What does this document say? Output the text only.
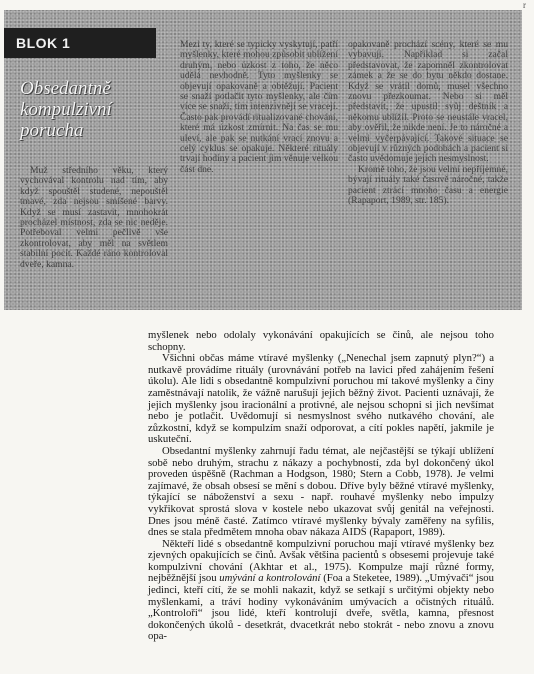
r
BLOK 1
Obsedantně kompulzivní porucha

Muž středního věku, který vychovával kontrolu nad tím, aby když spouštěl studené, nepouštěl tmavé, zda nejsou smíšené barvy. Když se musí zastavit, mnohokrát procházel místnost, zda se nic neděje. Potřeboval velmi pečlivě vše zkontrolovat, aby měl na světlem stabilní pocit. Každé ráno kontroloval dveře, kamna.

Mezi ty, které se typicky vyskytují, patří myšlenky, které mohou způsobit ublížení druhým, nebo úzkost z toho, že něco udělá nevhodně. Tyto myšlenky se objevují opakovaně a obtěžují. Pacient se snaží potlačit tyto myšlenky, ale čím více se snaží, tím intenzivněji se vracejí. Často pak provádí ritualizované chování, které má úzkost zmírnit. Na čas se mu uleví, ale pak se nutkání vrací znovu a celý cyklus se opakuje. Některé rituály trvají hodiny a pacient jim věnuje velkou část dne.

opakovaně prochází scény, které se mu vybavují. Například si začal představovat, že zapomněl zkontrolovat zámek a že se do bytu někdo dostane. Když se vrátil domů, musel všechno znovu přezkoumat. Nebo si měl představit, že upustil svůj deštník a někomu ublížil. Proto se neustále vracel, aby ověřil, že nikde není. Je to náročné a velmi vyčerpávající. Takové situace se objevují v různých podobách a pacient si často uvědomuje jejich nesmyslnost.

Kromě toho, že jsou velmi nepříjemné, bývají rituály také časově náročné, takže pacient ztrácí mnoho času a energie (Rapaport, 1989, str. 185).

myšlenek nebo odolaly vykonávání opakujících se činů, ale nejsou toho schopny.

Všichni občas máme vtíravé myšlenky („Nenechal jsem zapnutý plyn?“) a nutkavě provádíme rituály (urovnávání potřeb na lavici před zahájením řešení úkolu). Ale lidi s obsedantně kompulzivní poruchou mí takové myšlenky a činy zaměstnávají natolik, že vážně narušují jejich běžný život. Pacienti uznávají, že jejich myšlenky jsou iracionální a protivné, ale nejsou schopni si jich nevšímat nebo je potlačit. Uvědomují si nesmyslnost svého nutkavého chování, ale zůzkostní, když se kompulzím snaží odporovat, a cítí pokles napětí, jakmile je uskuteční.

Obsedantní myšlenky zahrnují řadu témat, ale nejčastější se týkají ublížení sobě nebo druhým, strachu z nákazy a pochybností, zda byl dokončený úkol proveden úspěšně (Rachman a Hodgson, 1980; Stern a Cobb, 1978). Je velmi zajímavé, že obsah obsesí se mění s dobou. Dříve byly běžné vtíravé myšlenky, týkající se náboženství a sexu - např. rouhavé myšlenky nebo impulzy vykřikovat sprostá slova v kostele nebo ukazovat svůj genitál na veřejnosti. Dnes jsou méně časté. Zatímco vtíravé myšlenky bývaly zaměřeny na syfilis, dnes se stala předmětem mnoha obav nákaza AIDS (Rapaport, 1989).

Někteří lidé s obsedantně kompulzivní poruchou mají vtíravé myšlenky bez zjevných opakujících se činů. Avšak většina pacientů s obsesemi projevuje také kompulzivní chování (Akhtar et al., 1975). Kompulze mají různé formy, nejběžnější jsou umývání a kontrolování (Foa a Steketee, 1989). „Umývači“ jsou jedinci, kteří cítí, že se mohli nakazit, když se setkají s určitými objekty nebo myšlenkami, a tráví hodiny vykonáváním umývacích a očistných rituálů. „Kontroloři“ jsou lidé, kteří kontrolují dveře, světla, kamna, přesnost dokončených úkolů - desetkrát, dvacetkrát nebo stokrát - nebo znovu a znovu opa-
